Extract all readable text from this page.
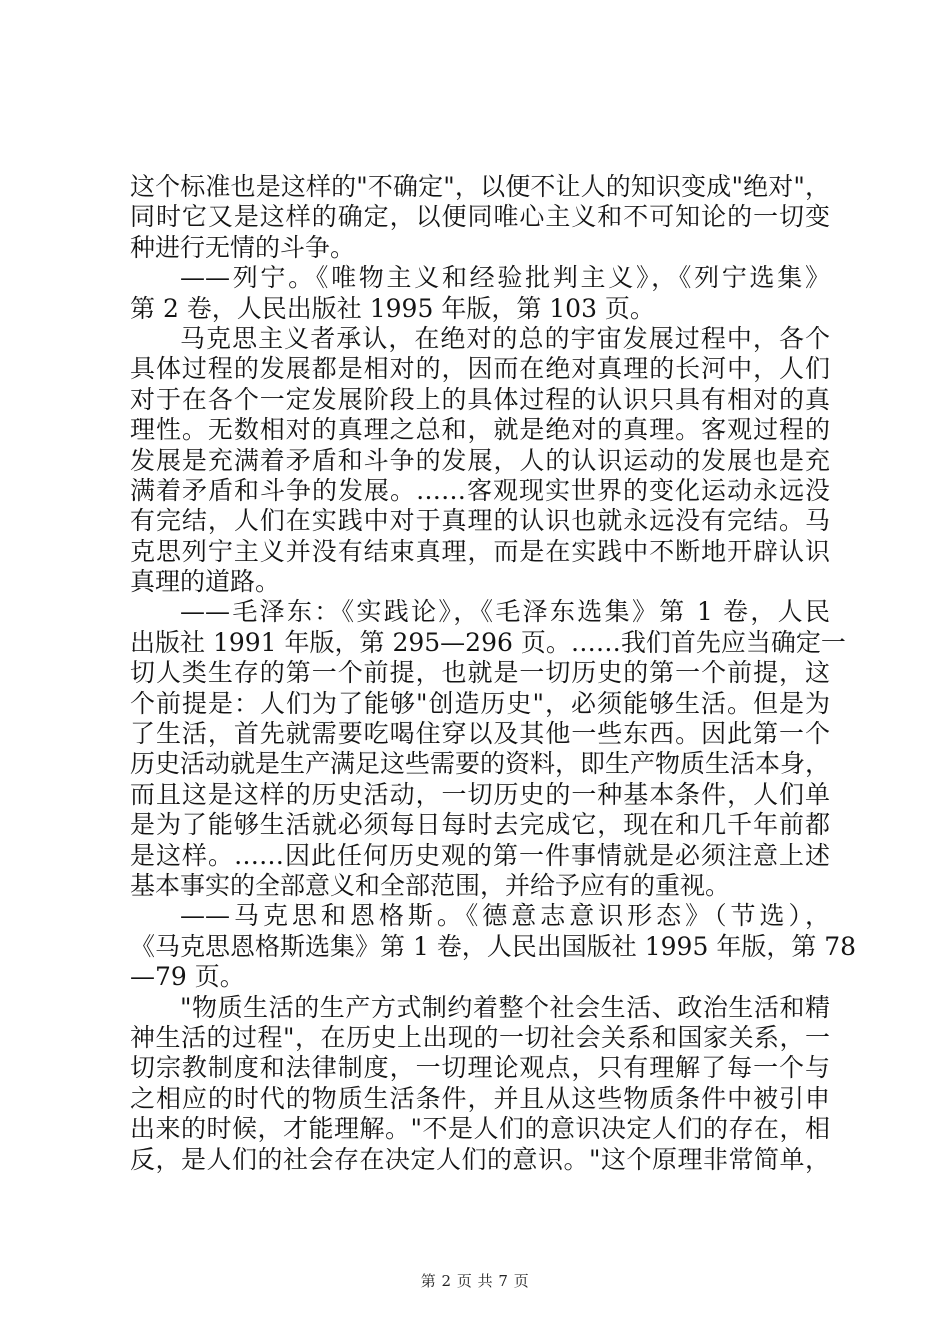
这个标准也是这样的"不确定"，以便不让人的知识变成"绝对"，
同时它又是这样的确定，以便同唯心主义和不可知论的一切变
种进行无情的斗争。
——列宁。《唯物主义和经验批判主义》，《列宁选集》
第 2 卷，人民出版社 1995 年版，第 103 页。
马克思主义者承认，在绝对的总的宇宙发展过程中，各个
具体过程的发展都是相对的，因而在绝对真理的长河中，人们
对于在各个一定发展阶段上的具体过程的认识只具有相对的真
理性。无数相对的真理之总和，就是绝对的真理。客观过程的
发展是充满着矛盾和斗争的发展，人的认识运动的发展也是充
满着矛盾和斗争的发展。……客观现实世界的变化运动永远没
有完结，人们在实践中对于真理的认识也就永远没有完结。马
克思列宁主义并没有结束真理，而是在实践中不断地开辟认识
真理的道路。
——毛泽东：《实践论》，《毛泽东选集》第 1 卷，人民
出版社 1991 年版，第 295—296 页。……我们首先应当确定一
切人类生存的第一个前提，也就是一切历史的第一个前提，这
个前提是：人们为了能够"创造历史"，必须能够生活。但是为
了生活，首先就需要吃喝住穿以及其他一些东西。因此第一个
历史活动就是生产满足这些需要的资料，即生产物质生活本身，
而且这是这样的历史活动，一切历史的一种基本条件，人们单
是为了能够生活就必须每日每时去完成它，现在和几千年前都
是这样。……因此任何历史观的第一件事情就是必须注意上述
基本事实的全部意义和全部范围，并给予应有的重视。
——马克思和恩格斯。《德意志意识形态》（节选），
《马克思恩格斯选集》第 1 卷，人民出国版社 1995 年版，第 78
—79 页。
"物质生活的生产方式制约着整个社会生活、政治生活和精
神生活的过程"，在历史上出现的一切社会关系和国家关系，一
切宗教制度和法律制度，一切理论观点，只有理解了每一个与
之相应的时代的物质生活条件，并且从这些物质条件中被引申
出来的时候，才能理解。"不是人们的意识决定人们的存在，相
反，是人们的社会存在决定人们的意识。"这个原理非常简单，
第 2 页 共 7 页
